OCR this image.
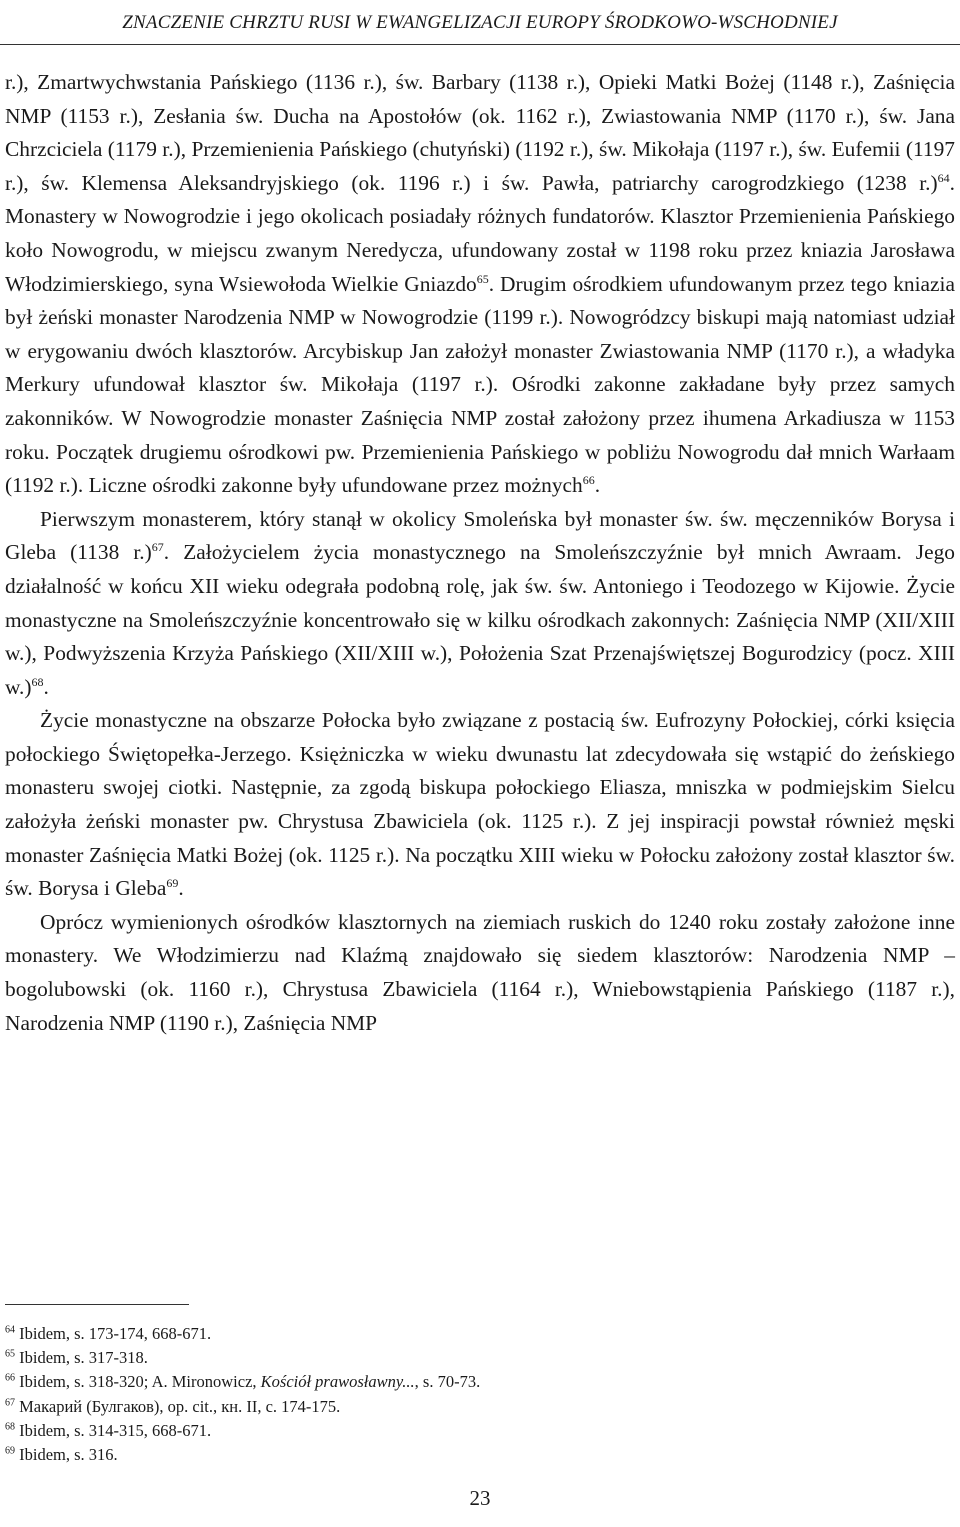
ZNACZENIE CHRZTU RUSI W EWANGELIZACJI EUROPY ŚRODKOWO-WSCHODNIEJ

r.), Zmartwychwstania Pańskiego (1136 r.), św. Barbary (1138 r.), Opieki Matki Bożej (1148 r.), Zaśnięcia NMP (1153 r.), Zesłania św. Ducha na Apostołów (ok. 1162 r.), Zwiastowania NMP (1170 r.), św. Jana Chrzciciela (1179 r.), Przemienienia Pańskiego (chutyński) (1192 r.), św. Mikołaja (1197 r.), św. Eufemii (1197 r.), św. Klemensa Aleksandryjskiego (ok. 1196 r.) i św. Pawła, patriarchy carogrodzkiego (1238 r.)$^{64}$. Monastery w Nowogrodzie i jego okolicach posiadały różnych fundatorów. Klasztor Przemienienia Pańskiego koło Nowogrodu, w miejscu zwanym Neredycza, ufundowany został w 1198 roku przez kniazia Jarosława Włodzimierskiego, syna Wsiewołoda Wielkie Gniazdo$^{65}$. Drugim ośrodkiem ufundowanym przez tego kniazia był żeński monaster Narodzenia NMP w Nowogrodzie (1199 r.). Nowogródzcy biskupi mają natomiast udział w erygowaniu dwóch klasztorów. Arcybiskup Jan założył monaster Zwiastowania NMP (1170 r.), a władyka Merkury ufundował klasztor św. Mikołaja (1197 r.). Ośrodki zakonne zakładane były przez samych zakonników. W Nowogrodzie monaster Zaśnięcia NMP został założony przez ihumena Arkadiusza w 1153 roku. Początek drugiemu ośrodkowi pw. Przemienienia Pańskiego w pobliżu Nowogrodu dał mnich Warłaam (1192 r.). Liczne ośrodki zakonne były ufundowane przez możnych$^{66}$.

Pierwszym monasterem, który stanął w okolicy Smoleńska był monaster św. św. męczenników Borysa i Gleba (1138 r.)$^{67}$. Założycielem życia monastycznego na Smoleńszczyźnie był mnich Awraam. Jego działalność w końcu XII wieku odegrała podobną rolę, jak św. św. Antoniego i Teodozego w Kijowie. Życie monastyczne na Smoleńszczyźnie koncentrowało się w kilku ośrodkach zakonnych: Zaśnięcia NMP (XII/XIII w.), Podwyższenia Krzyża Pańskiego (XII/XIII w.), Położenia Szat Przenajświętszej Bogurodzicy (pocz. XIII w.)$^{68}$.

Życie monastyczne na obszarze Połocka było związane z postacią św. Eufrozyny Połockiej, córki księcia połockiego Świętopełka-Jerzego. Księżniczka w wieku dwunastu lat zdecydowała się wstąpić do żeńskiego monasteru swojej ciotki. Następnie, za zgodą biskupa połockiego Eliasza, mniszka w podmiejskim Sielcu założyła żeński monaster pw. Chrystusa Zbawiciela (ok. 1125 r.). Z jej inspiracji powstał również męski monaster Zaśnięcia Matki Bożej (ok. 1125 r.). Na początku XIII wieku w Połocku założony został klasztor św. św. Borysa i Gleba$^{69}$.

Oprócz wymienionych ośrodków klasztornych na ziemiach ruskich do 1240 roku zostały założone inne monastery. We Włodzimierzu nad Klaźmą znajdowało się siedem klasztorów: Narodzenia NMP – bogolubowski (ok. 1160 r.), Chrystusa Zbawiciela (1164 r.), Wniebowstąpienia Pańskiego (1187 r.), Narodzenia NMP (1190 r.), Zaśnięcia NMP

$^{64}$ Ibidem, s. 173-174, 668-671.
$^{65}$ Ibidem, s. 317-318.
$^{66}$ Ibidem, s. 318-320; A. Mironowicz, Kościół prawosławny..., s. 70-73.
$^{67}$ Макарий (Булгаков), op. cit., кн. II, с. 174-175.
$^{68}$ Ibidem, s. 314-315, 668-671.
$^{69}$ Ibidem, s. 316.
23
